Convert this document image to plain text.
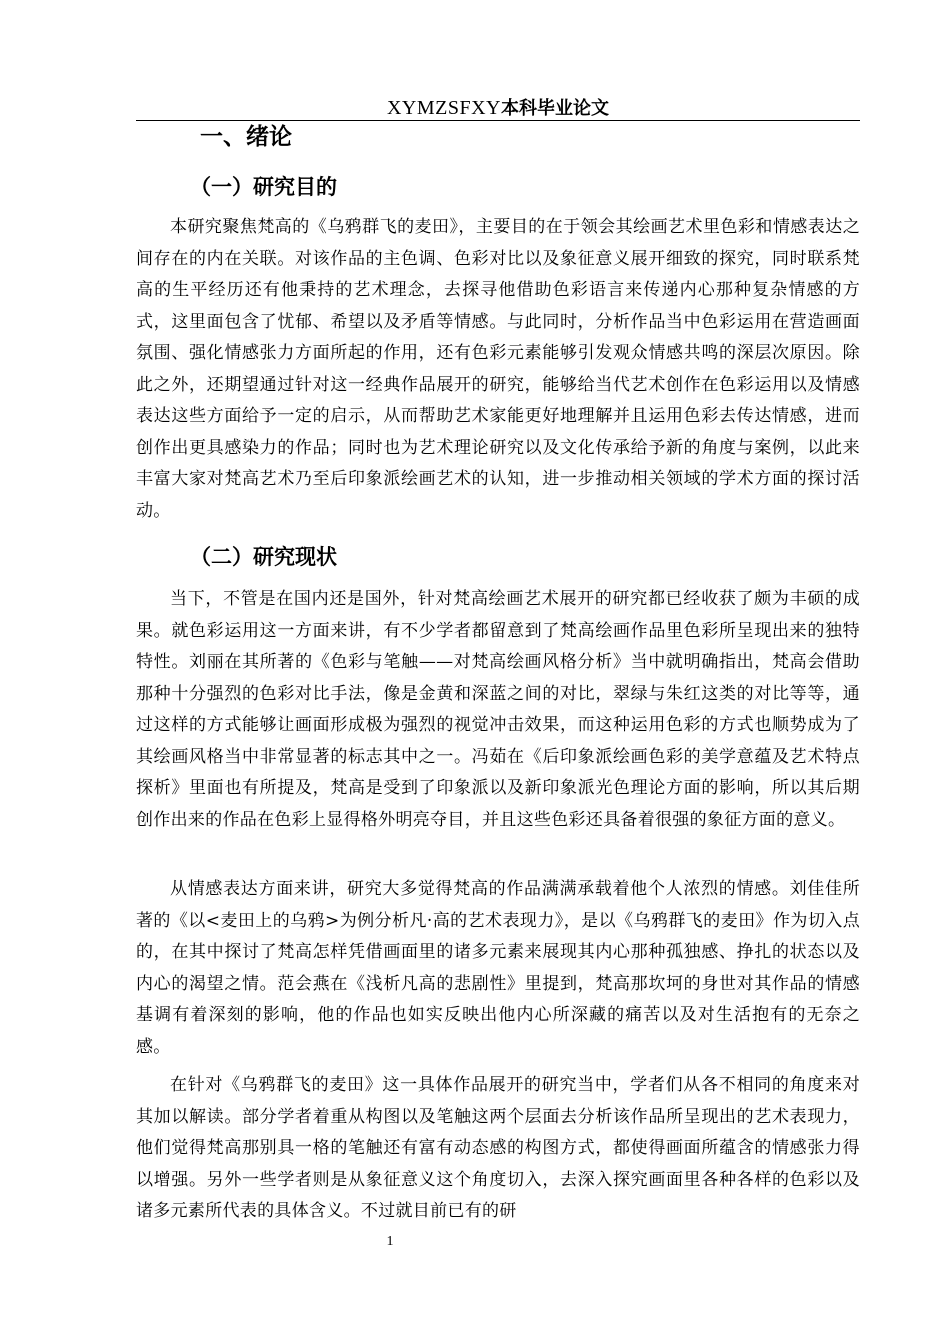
XYMZSFXY本科毕业论文
一、绪论
（一）研究目的

本研究聚焦梵高的《乌鸦群飞的麦田》，主要目的在于领会其绘画艺术里色彩和情感表达之间存在的内在关联。对该作品的主色调、色彩对比以及象征意义展开细致的探究，同时联系梵高的生平经历还有他秉持的艺术理念，去探寻他借助色彩语言来传递内心那种复杂情感的方式，这里面包含了忧郁、希望以及矛盾等情感。与此同时，分析作品当中色彩运用在营造画面氛围、强化情感张力方面所起的作用，还有色彩元素能够引发观众情感共鸣的深层次原因。除此之外，还期望通过针对这一经典作品展开的研究，能够给当代艺术创作在色彩运用以及情感表达这些方面给予一定的启示，从而帮助艺术家能更好地理解并且运用色彩去传达情感，进而创作出更具感染力的作品；同时也为艺术理论研究以及文化传承给予新的角度与案例，以此来丰富大家对梵高艺术乃至后印象派绘画艺术的认知，进一步推动相关领域的学术方面的探讨活动。

（二）研究现状

当下，不管是在国内还是国外，针对梵高绘画艺术展开的研究都已经收获了颇为丰硕的成果。就色彩运用这一方面来讲，有不少学者都留意到了梵高绘画作品里色彩所呈现出来的独特特性。刘丽在其所著的《色彩与笔触——对梵高绘画风格分析》当中就明确指出，梵高会借助那种十分强烈的色彩对比手法，像是金黄和深蓝之间的对比，翠绿与朱红这类的对比等等，通过这样的方式能够让画面形成极为强烈的视觉冲击效果，而这种运用色彩的方式也顺势成为了其绘画风格当中非常显著的标志其中之一。冯茹在《后印象派绘画色彩的美学意蕴及艺术特点探析》里面也有所提及，梵高是受到了印象派以及新印象派光色理论方面的影响，所以其后期创作出来的作品在色彩上显得格外明亮夺目，并且这些色彩还具备着很强的象征方面的意义。

从情感表达方面来讲，研究大多觉得梵高的作品满满承载着他个人浓烈的情感。刘佳佳所著的《以<麦田上的乌鸦>为例分析凡·高的艺术表现力》，是以《乌鸦群飞的麦田》作为切入点的，在其中探讨了梵高怎样凭借画面里的诸多元素来展现其内心那种孤独感、挣扎的状态以及内心的渴望之情。范会燕在《浅析凡高的悲剧性》里提到，梵高那坎坷的身世对其作品的情感基调有着深刻的影响，他的作品也如实反映出他内心所深藏的痛苦以及对生活抱有的无奈之感。

在针对《乌鸦群飞的麦田》这一具体作品展开的研究当中，学者们从各不相同的角度来对其加以解读。部分学者着重从构图以及笔触这两个层面去分析该作品所呈现出的艺术表现力，他们觉得梵高那别具一格的笔触还有富有动态感的构图方式，都使得画面所蕴含的情感张力得以增强。另外一些学者则是从象征意义这个角度切入，去深入探究画面里各种各样的色彩以及诸多元素所代表的具体含义。不过就目前已有的研

1
